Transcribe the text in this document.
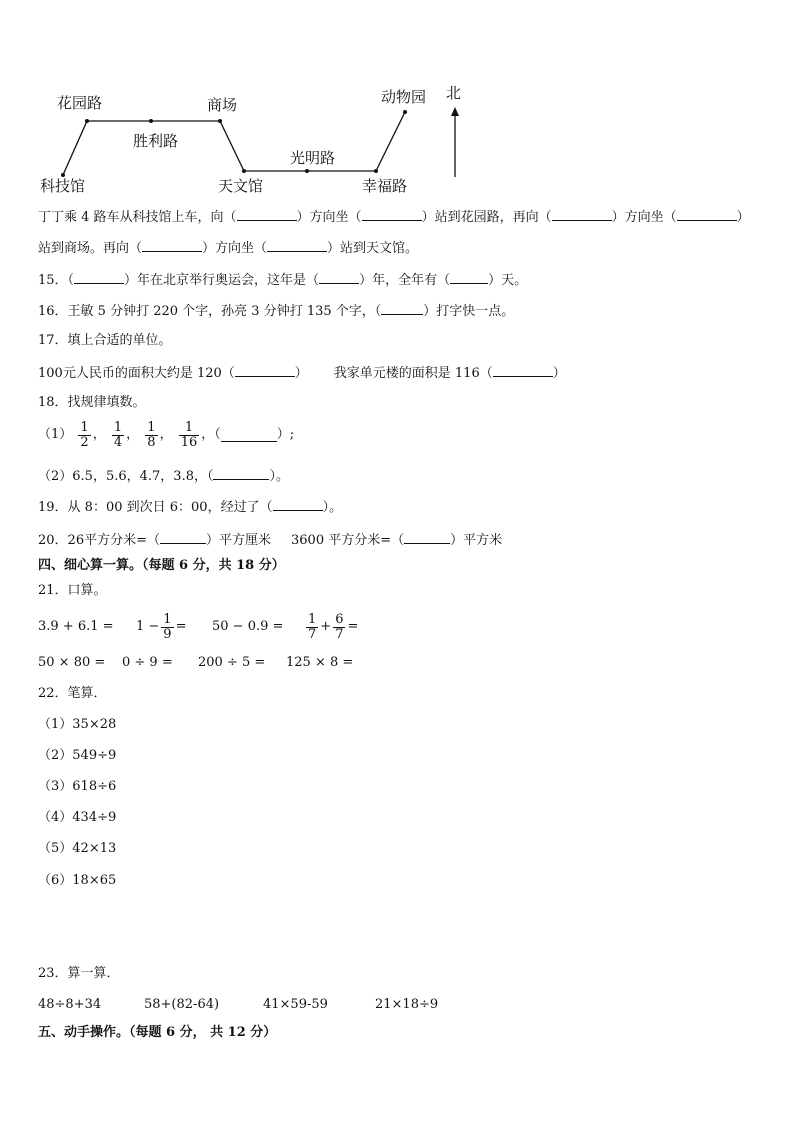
花园路	商场
胜利路
科技馆	天文馆
光明路
幸福路
动物园 北
丁丁乘 4 路车从科技馆上车，向（	）方向坐（	）站到花园路，再向（	）方向坐（	）
站到商场。再向（	）方向坐（	）站到天文馆。
15．（	）年在北京举行奥运会，这年是（	）年，全年有（	）天。
16．王敏 5 分钟打 220 个字，孙亮 3 分钟打 135 个字，（	）打字快一点。
17．填上合适的单位。
100元人民币的面积大约是 120（	） 我家单元楼的面积是 116（	）
18．找规律填数。
$(1) \frac{1}{2}$ ， $\frac{1}{4}$ ， $\frac{1}{8}$ ， $\frac{1}{16}$ ，（	）;
（2）6.5，5.6，4.7，3.8，（	）。
19．从 8：00 到次日 6：00，经过了（	）。
20．26平方分米=（	）平方厘米 3600 平方分米=（	）平方米
四、细心算一算。（每题 6 分，共 18 分）
21．口算。
$3.9 + 6.1 = 1 - \frac{1}{9} = 50 - 0.9 = \frac{1}{7} + \frac{6}{7}$ =
50 × 80 = 0 ÷ 9 = 200 ÷ 5 = 125 × 8 =
22．笔算．
（1）35×28
（2）549÷9
（3）618÷6
（4）434÷9
（5）42×13
（6）18×65
23．算一算．
48÷8+34	58+(82-64)	41×59-59	21×18÷9
五、动手操作。（每题 6 分， 共 12 分）
